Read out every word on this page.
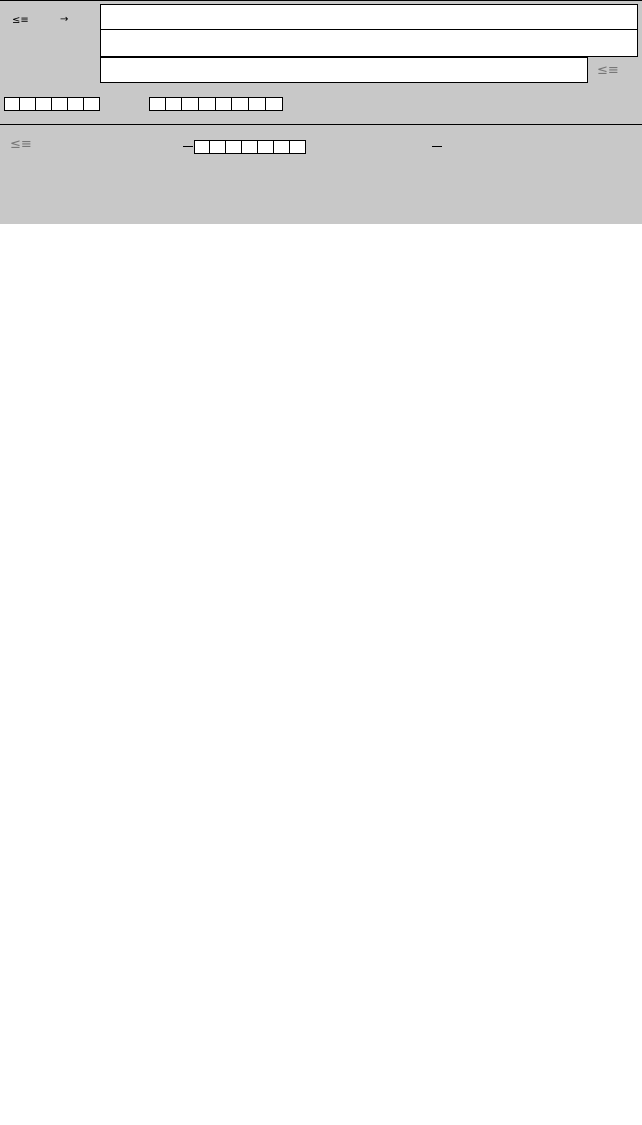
≤≡
≤≡	→
≤≡	—	—
